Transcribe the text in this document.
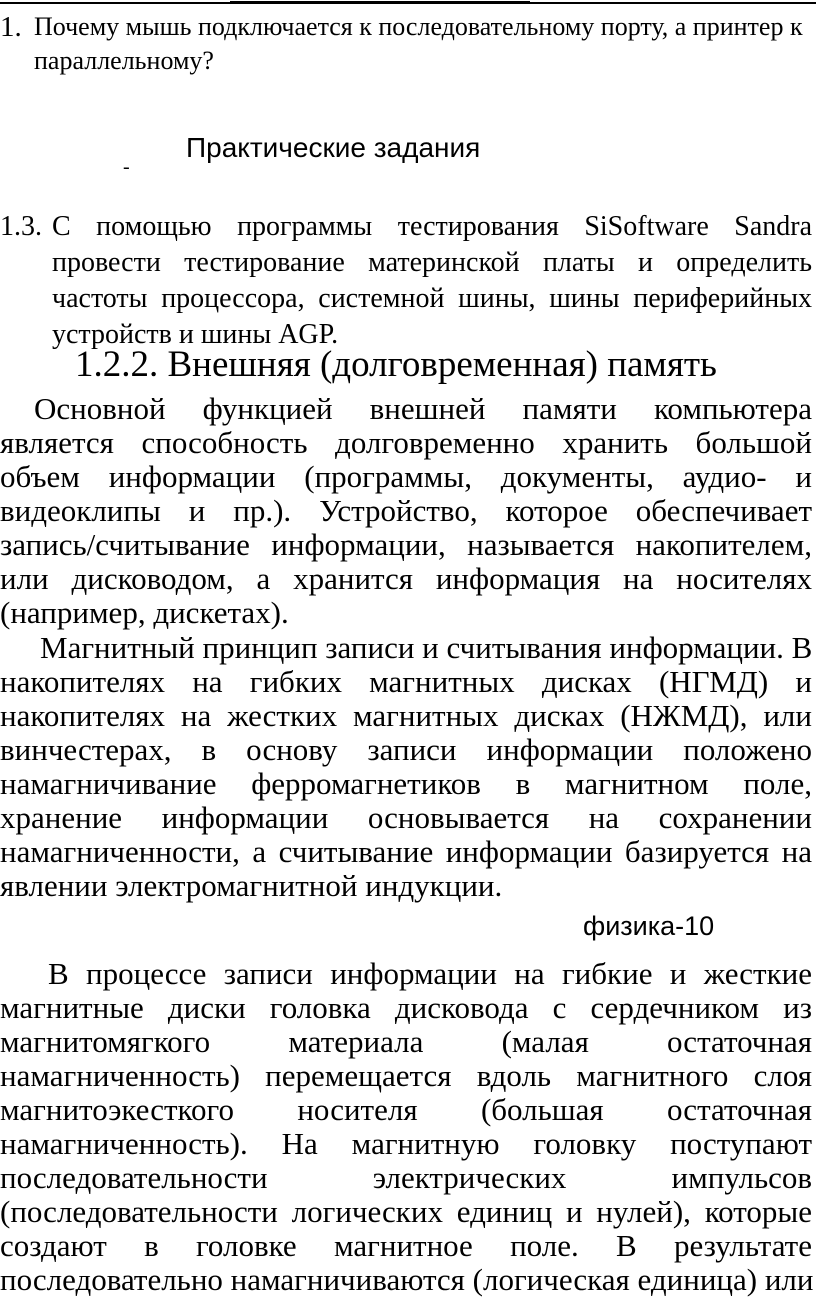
1. Почему мышь подключается к последовательному порту, а принтер к
параллельному?
-
Практические задания
1.3. С помощью программы тестирования SiSoftware Sandra провести тестирование материнской платы и определить частоты процессора, системной шины, шины периферийных устройств и шины AGP.
1.2.2. Внешняя (долговременная) память
Основной функцией внешней памяти компьютера
является способность долговременно хранить большой
объем информации (программы, документы, аудио- и
видеоклипы и пр.). Устройство, которое обеспечивает
запись/считывание информации, называется накопителем,
или дисководом, а хранится информация на носителях
(например, дискетах).
Магнитный принцип записи и считывания информации. В
накопителях на гибких магнитных дисках (НГМД) и
накопителях на жестких магнитных дисках (НЖМД), или
винчестерах, в основу записи информации положено
намагничивание ферромагнетиков в магнитном поле,
хранение информации основывается на сохранении
намагниченности, а считывание информации базируется на
явлении электромагнитной индукции.
физика-10
В процессе записи информации на гибкие и жесткие
магнитные диски головка дисковода с сердечником из
магнитомягкого материала (малая остаточная
намагниченность) перемещается вдоль магнитного слоя
магнитоэкесткого носителя (большая остаточная
намагниченность). На магнитную головку поступают
последовательности электрических импульсов
(последовательности логических единиц и нулей), которые
создают в головке магнитное поле. В результате
последовательно намагничиваются (логическая единица) или
